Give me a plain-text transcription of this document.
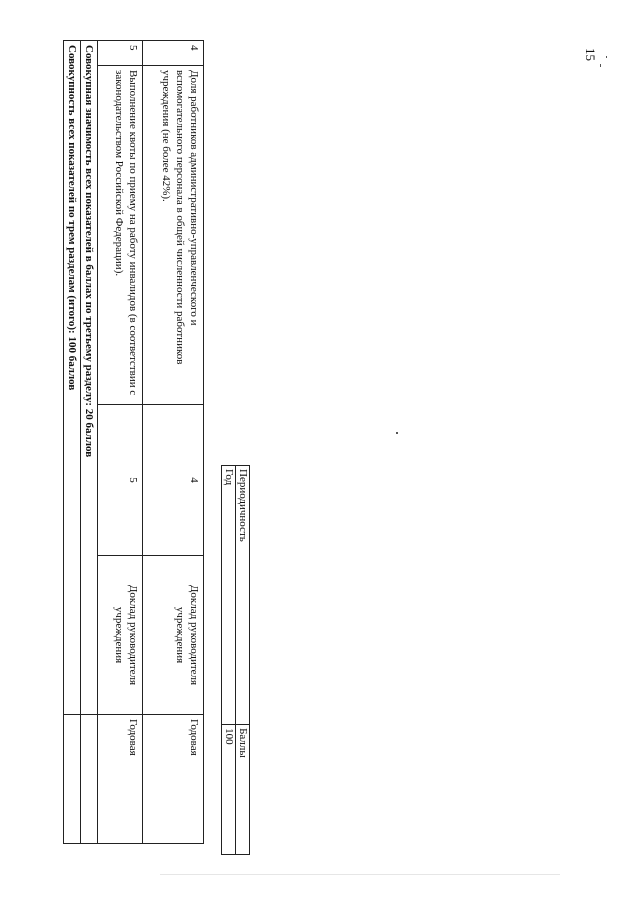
15
4	Доля работников административно-управленческого и вспомогательного персонала в общей численности работников учреждения (не более 42%).	4	Доклад руководителя учреждения	Годовая
5	Выполнение квоты по приему на работу инвалидов (в соответствии с законодательством Российской Федерации).	5	Доклад руководителя учреждения	Годовая
Совокупная значимость всех показателей в баллах по третьему разделу: 20 баллов				
Совокупность всех показателей по трем разделам (итого): 100 баллов				
Периодичность	Баллы
Год	100
